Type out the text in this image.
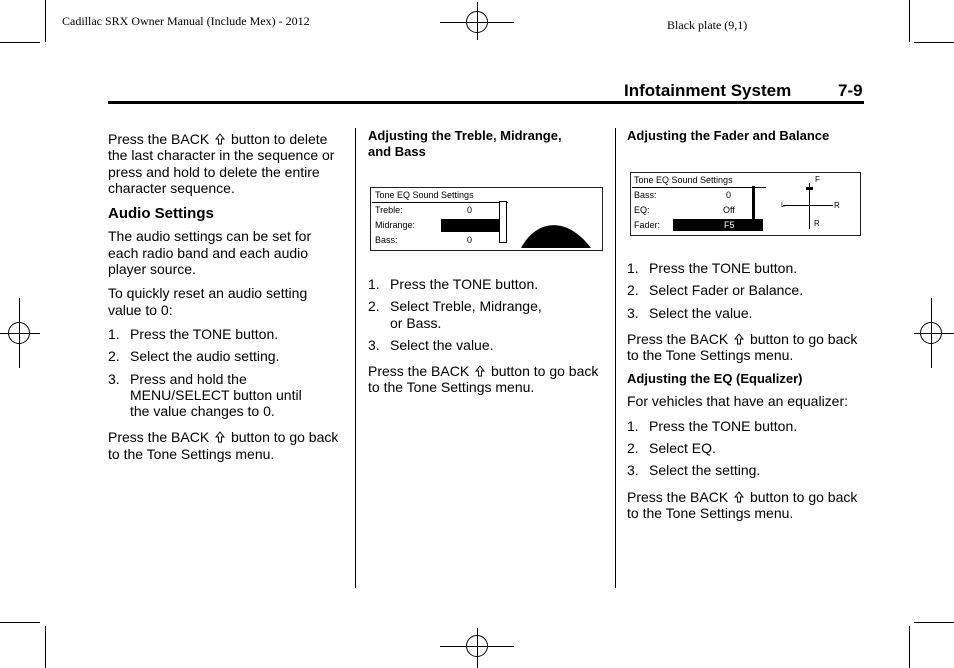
Cadillac SRX Owner Manual (Include Mex) - 2012	Black plate (9,1)
Infotainment System	7-9

Press the BACK button to delete the last character in the sequence or press and hold to delete the entire character sequence.

Audio Settings

The audio settings can be set for each radio band and each audio player source.

To quickly reset an audio setting value to 0:

1. Press the TONE button.
2. Select the audio setting.
3. Press and hold the MENU/SELECT button until the value changes to 0.

Press the BACK button to go back to the Tone Settings menu.

Adjusting the Treble, Midrange, and Bass
Tone EQ Sound Settings
Treble:	0
Midrange:
Bass:	0
1. Press the TONE button.
2. Select Treble, Midrange, or Bass.
3. Select the value.

Press the BACK button to go back to the Tone Settings menu.

Adjusting the Fader and Balance
Tone EQ Sound Settings
Bass:	0
EQ:	Off
Fader:	F5
F
L	R
R
1. Press the TONE button.
2. Select Fader or Balance.
3. Select the value.

Press the BACK button to go back to the Tone Settings menu.

Adjusting the EQ (Equalizer)

For vehicles that have an equalizer:

1. Press the TONE button.
2. Select EQ.
3. Select the setting.

Press the BACK button to go back to the Tone Settings menu.
